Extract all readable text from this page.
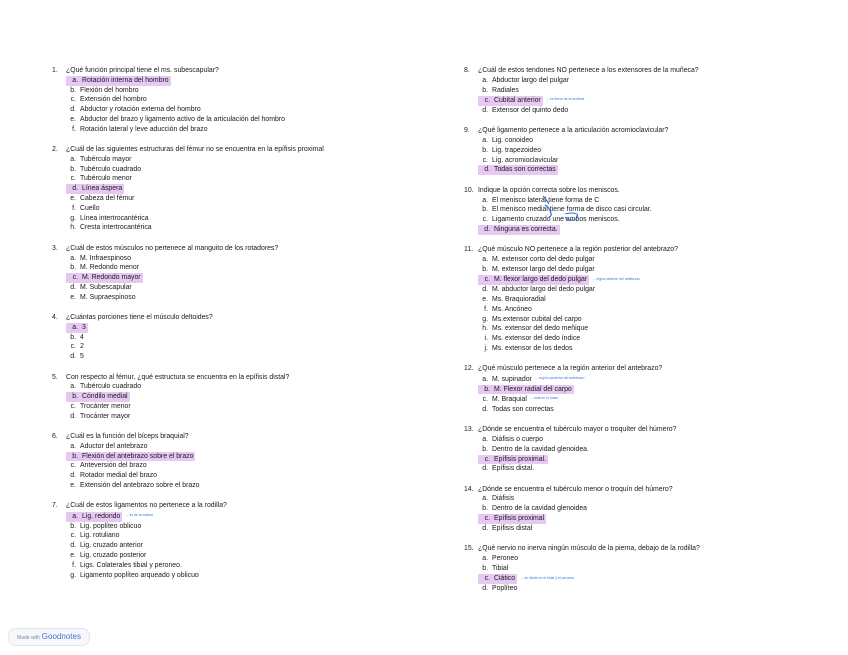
1. ¿Qué función principal tiene el ms. subescapular?
a. Rotación interna del hombro
b. Flexión del hombro
c. Extensión del hombro
d. Abductor y rotación externa del hombro
e. Abductor del brazo y ligamento activo de la articulación del hombro
f. Rotación lateral y leve aducción del brazo
2. ¿Cuál de las siguientes estructuras del fémur no se encuentra en la epífisis proximal
a. Tubérculo mayor
b. Tubérculo cuadrado
c. Tubérculo menor
d. Línea áspera
e. Cabeza del fémur
f. Cuello
g. Línea intertrocantérica
h. Cresta intertrocantérica
3. ¿Cuál de estos músculos no pertenece al manguito de los rotadores?
a. M. Infraespinoso
b. M. Redondo menor
c. M. Redondo mayor
d. M. Subescapular
e. M. Supraespinoso
4. ¿Cuántas porciones tiene el músculo deltoides?
a. 3
b. 4
c. 2
d. 5
5. Con respecto al fémur, ¿qué estructura se encuentra en la epífisis distal?
a. Tubérculo cuadrado
b. Cóndilo medial
c. Trocánter menor
d. Trocánter mayor
6. ¿Cuál es la función del bíceps braquial?
a. Aductor del antebrazo
b. Flexión del antebrazo sobre el brazo
c. Anteversión del brazo
d. Rotador medial del brazo
e. Extensión del antebrazo sobre el brazo
7. ¿Cuál de estos ligamentos no pertenece a la rodilla?
a. Lig. redondo → es de la cadera
b. Lig. poplíteo oblicuo
c. Lig. rotuliano
d. Lig. cruzado anterior
e. Lig. cruzado posterior
f. Ligs. Colaterales tibial y peroneo.
g. Ligamento poplíteo arqueado y oblicuo
8. ¿Cuál de estos tendones NO pertenece a los extensores de la muñeca?
a. Abductor largo del pulgar
b. Radiales
c. Cubital anterior → es flexor de la muñeca
d. Extensor del quinto dedo
9. ¿Qué ligamento pertenece a la articulación acromioclavicular?
a. Lig. conoideo
b. Lig. trapezoideo
c. Lig. acromioclavicular
d. Todas son correctas
10. Indique la opción correcta sobre los meniscos.
a. El menisco lateral tiene forma de C
b. El menisco medial tiene forma de disco casi circular.
c. Ligamento cruzado une ambos meniscos.
d. Ninguna es correcta.
11. ¿Qué músculo NO pertenece a la región posterior del antebrazo?
a. M. extensor corto del dedo pulgar
b. M. extensor largo del dedo pulgar
c. M. flexor largo del dedo pulgar → región anterior del antebrazo
d. M. abductor largo del dedo pulgar
e. Ms. Braquioradial
f. Ms. Ancóneo
g. Ms.extensor cubital del carpo
h. Ms. extensor del dedo meñique
i. Ms. extensor del dedo índice
j. Ms. extensor de los dedos
12. ¿Qué músculo pertenece a la región anterior del antebrazo?
a. M. supinador → región posterior del antebrazo
b. M. Flexor radial del carpo
c. M. Braquial → está en el brazo
d. Todas son correctas
13. ¿Dónde se encuentra el tubérculo mayor o troquíter del húmero?
a. Diáfisis o cuerpo
b. Dentro de la cavidad glenoidea.
c. Epífisis proximal.
d. Epífisis distal.
14. ¿Dónde se encuentra el tubérculo menor o troquín del húmero?
a. Diáfisis
b. Dentro de la cavidad glenoidea
c. Epífisis proximal
d. Epífisis distal
15. ¿Qué nervio no inerva ningún músculo de la pierna, debajo de la rodilla?
a. Peroneo
b. Tibial
c. Ciático → se divide en el tibial y el peroneo
d. Poplíteo
Made with Goodnotes
